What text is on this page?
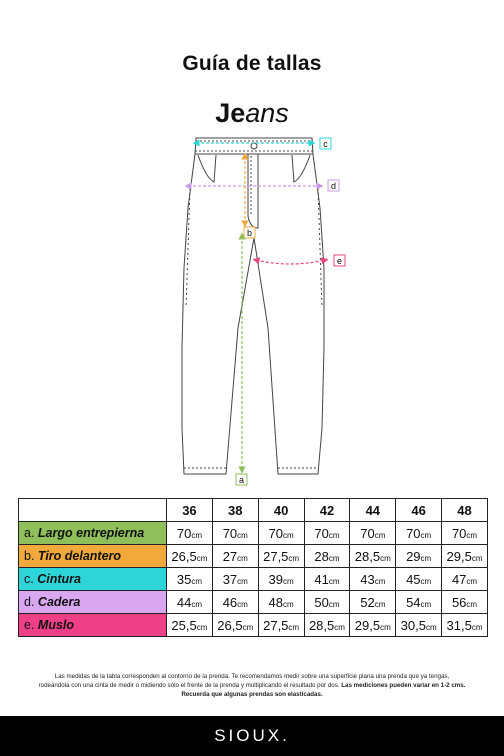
Guía de tallas
Jeans
c
d
b
e
a
	36	38	40	42	44	46	48
a. Largo entrepierna	70cm	70cm	70cm	70cm	70cm	70cm	70cm
b. Tiro delantero	26,5cm	27cm	27,5cm	28cm	28,5cm	29cm	29,5cm
c. Cintura	35cm	37cm	39cm	41cm	43cm	45cm	47cm
d. Cadera	44cm	46cm	48cm	50cm	52cm	54cm	56cm
e. Muslo	25,5cm	26,5cm	27,5cm	28,5cm	29,5cm	30,5cm	31,5cm
Las medidas de la tabla corresponden al contorno de la prenda. Te recomendamos medir sobre una superficie plana una prenda que ya tengas,
rodeándola con una cinta de medir o midiendo sólo el frente de la prenda y multiplicando el resultado por dos. Las mediciones pueden variar en 1-2 cms.
Recuerda que algunas prendas son elasticadas.
SIOUX.
